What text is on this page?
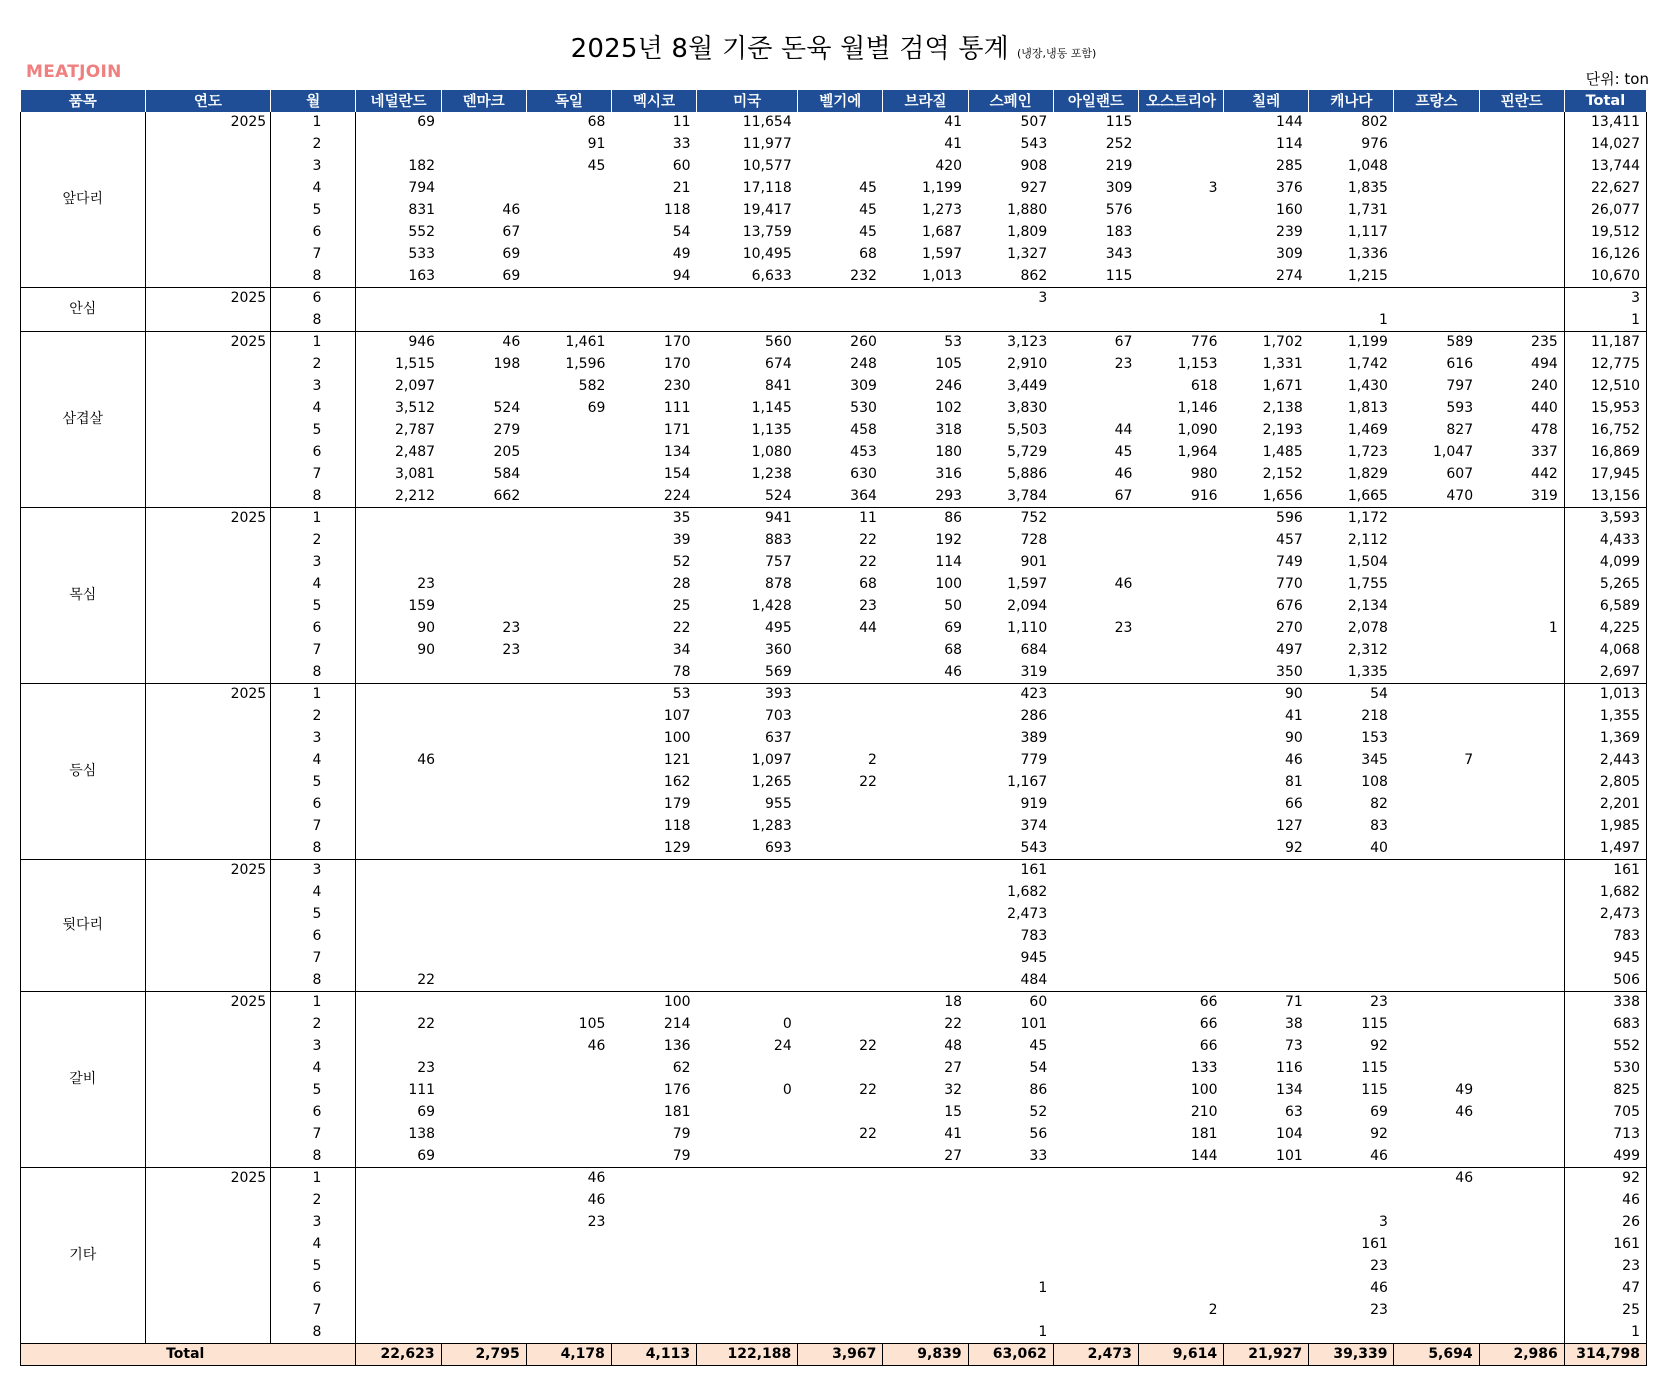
2025년 8월 기준 돈육 월별 검역 통계 (냉장,냉동 포함)
MEATJOIN	단위: ton
품목	연도	월	네덜란드	덴마크	독일	멕시코	미국	벨기에	브라질	스페인	아일랜드	오스트리아	칠레	캐나다	프랑스	핀란드	Total
앞다리	2025	1	69		68	11	11,654		41	507	115		144	802			13,411
		2			91	33	11,977		41	543	252		114	976			14,027
		3	182		45	60	10,577		420	908	219		285	1,048			13,744
		4	794			21	17,118	45	1,199	927	309	3	376	1,835			22,627
		5	831	46		118	19,417	45	1,273	1,880	576		160	1,731			26,077
		6	552	67		54	13,759	45	1,687	1,809	183		239	1,117			19,512
		7	533	69		49	10,495	68	1,597	1,327	343		309	1,336			16,126
		8	163	69		94	6,633	232	1,013	862	115		274	1,215			10,670
안심	2025	6								3							3
		8												1			1
삼겹살	2025	1	946	46	1,461	170	560	260	53	3,123	67	776	1,702	1,199	589	235	11,187
		2	1,515	198	1,596	170	674	248	105	2,910	23	1,153	1,331	1,742	616	494	12,775
		3	2,097		582	230	841	309	246	3,449		618	1,671	1,430	797	240	12,510
		4	3,512	524	69	111	1,145	530	102	3,830		1,146	2,138	1,813	593	440	15,953
		5	2,787	279		171	1,135	458	318	5,503	44	1,090	2,193	1,469	827	478	16,752
		6	2,487	205		134	1,080	453	180	5,729	45	1,964	1,485	1,723	1,047	337	16,869
		7	3,081	584		154	1,238	630	316	5,886	46	980	2,152	1,829	607	442	17,945
		8	2,212	662		224	524	364	293	3,784	67	916	1,656	1,665	470	319	13,156
목심	2025	1				35	941	11	86	752			596	1,172			3,593
		2				39	883	22	192	728			457	2,112			4,433
		3				52	757	22	114	901			749	1,504			4,099
		4	23			28	878	68	100	1,597	46		770	1,755			5,265
		5	159			25	1,428	23	50	2,094			676	2,134			6,589
		6	90	23		22	495	44	69	1,110	23		270	2,078		1	4,225
		7	90	23		34	360		68	684			497	2,312			4,068
		8				78	569		46	319			350	1,335			2,697
등심	2025	1				53	393			423			90	54			1,013
		2				107	703			286			41	218			1,355
		3				100	637			389			90	153			1,369
		4	46			121	1,097	2		779			46	345	7		2,443
		5				162	1,265	22		1,167			81	108			2,805
		6				179	955			919			66	82			2,201
		7				118	1,283			374			127	83			1,985
		8				129	693			543			92	40			1,497
뒷다리	2025	3								161							161
		4								1,682							1,682
		5								2,473							2,473
		6								783							783
		7								945							945
		8	22							484							506
갈비	2025	1				100			18	60		66	71	23			338
		2	22		105	214	0		22	101		66	38	115			683
		3			46	136	24	22	48	45		66	73	92			552
		4	23			62			27	54		133	116	115			530
		5	111			176	0	22	32	86		100	134	115	49		825
		6	69			181			15	52		210	63	69	46		705
		7	138			79		22	41	56		181	104	92			713
		8	69			79			27	33		144	101	46			499
기타	2025	1			46										46		92
		2			46												46
		3			23									3			26
		4												161			161
		5												23			23
		6								1				46			47
		7										2		23			25
		8								1							1
Total			22,623	2,795	4,178	4,113	122,188	3,967	9,839	63,062	2,473	9,614	21,927	39,339	5,694	2,986	314,798
